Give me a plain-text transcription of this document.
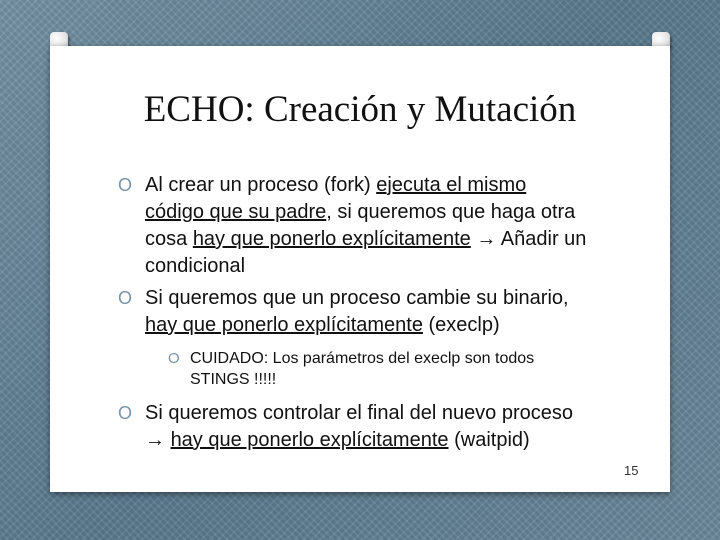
ECHO: Creación y Mutación
O Al crear un proceso (fork) ejecuta el mismo código que su padre, si queremos que haga otra cosa hay que ponerlo explícitamente → Añadir un condicional
O Si queremos que un proceso cambie su binario, hay que ponerlo explícitamente (execlp)
O CUIDADO: Los parámetros del execlp son todos STINGS !!!!!
O Si queremos controlar el final del nuevo proceso → hay que ponerlo explícitamente (waitpid)
15
